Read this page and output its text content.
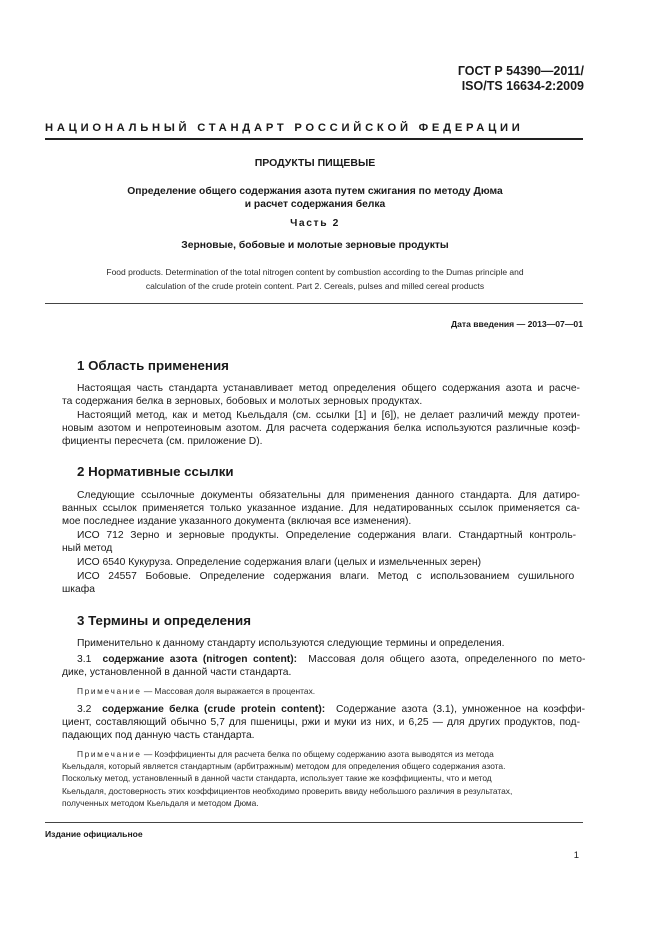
ГОСТ Р 54390—2011/
ISO/TS 16634-2:2009
НАЦИОНАЛЬНЫЙ СТАНДАРТ РОССИЙСКОЙ ФЕДЕРАЦИИ
ПРОДУКТЫ ПИЩЕВЫЕ
Определение общего содержания азота путем сжигания по методу Дюма
и расчет содержания белка
Часть 2
Зерновые, бобовые и молотые зерновые продукты
Food products. Determination of the total nitrogen content by combustion according to the Dumas principle and
calculation of the crude protein content. Part 2. Cereals, pulses and milled cereal products
Дата введения — 2013—07—01
1 Область применения
Настоящая часть стандарта устанавливает метод определения общего содержания азота и расче-
та содержания белка в зерновых, бобовых и молотых зерновых продуктах.
Настоящий метод, как и метод Кьельдаля (см. ссылки [1] и [6]), не делает различий между протеи-
новым азотом и непротеиновым азотом. Для расчета содержания белка используются различные коэф-
фициенты пересчета (см. приложение D).
2 Нормативные ссылки
Следующие ссылочные документы обязательны для применения данного стандарта. Для датиро-
ванных ссылок применяется только указанное издание. Для недатированных ссылок применяется са-
мое последнее издание указанного документа (включая все изменения).
ИСО 712 Зерно и зерновые продукты. Определение содержания влаги. Стандартный контроль-
ный метод
ИСО 6540 Кукуруза. Определение содержания влаги (целых и измельченных зерен)
ИСО 24557 Бобовые. Определение содержания влаги. Метод с использованием сушильного
шкафа
3 Термины и определения
Применительно к данному стандарту используются следующие термины и определения.
3.1 содержание азота (nitrogen content): Массовая доля общего азота, определенного по мето-
дике, установленной в данной части стандарта.
Примечание — Массовая доля выражается в процентах.
3.2 содержание белка (crude protein content): Содержание азота (3.1), умноженное на коэффи-
циент, составляющий обычно 5,7 для пшеницы, ржи и муки из них, и 6,25 — для других продуктов, под-
падающих под данную часть стандарта.
Примечание — Коэффициенты для расчета белка по общему содержанию азота выводятся из метода
Кьельдаля, который является стандартным (арбитражным) методом для определения общего содержания азота.
Поскольку метод, установленный в данной части стандарта, использует такие же коэффициенты, что и метод
Кьельдаля, достоверность этих коэффициентов необходимо проверить ввиду небольшого различия в результатах,
полученных методом Кьельдаля и методом Дюма.
Издание официальное
1
